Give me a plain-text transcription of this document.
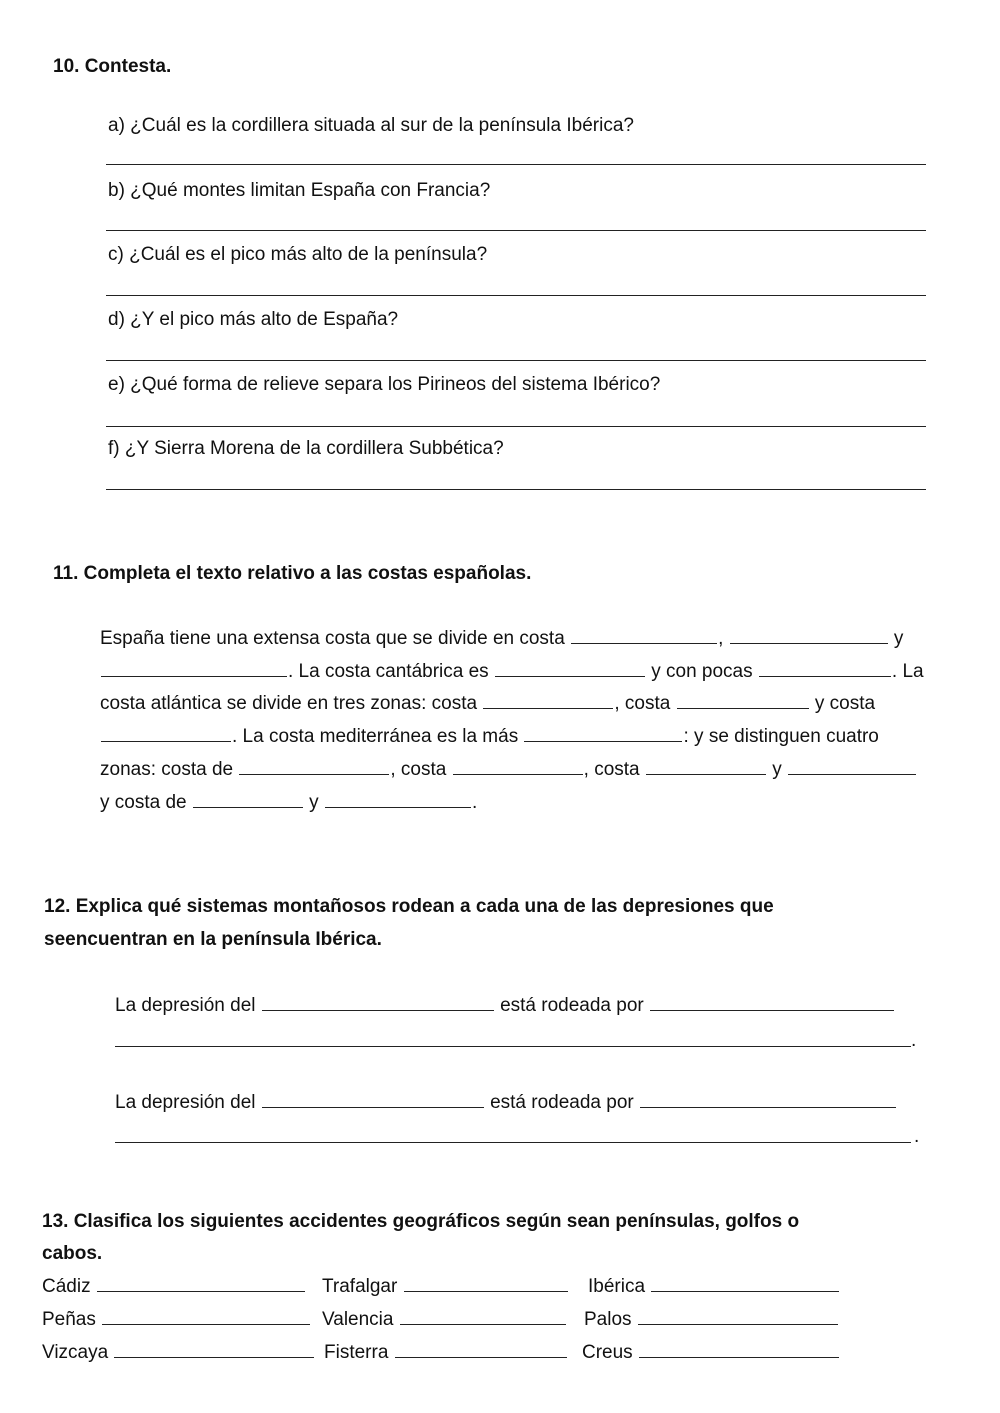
10. Contesta.
a) ¿Cuál es la cordillera situada al sur de la península Ibérica?
b) ¿Qué montes limitan España con Francia?
c) ¿Cuál es el pico más alto de la península?
d) ¿Y el pico más alto de España?
e) ¿Qué forma de relieve separa los Pirineos del sistema Ibérico?
f) ¿Y Sierra Morena de la cordillera Subbética?
11. Completa el texto relativo a las costas españolas.
España tiene una extensa costa que se divide en costa	,	y
. La costa cantábrica es	y con pocas	. La
costa atlántica se divide en tres zonas: costa	, costa	y costa
. La costa mediterránea es la más	: y se distinguen cuatro
zonas: costa de	, costa	, costa	y
y costa de	y	.
12. Explica qué sistemas montañosos rodean a cada una de las depresiones que
seencuentran en la península Ibérica.
La depresión del	está rodeada por
.
La depresión del	está rodeada por
.
13. Clasifica los siguientes accidentes geográficos según sean penínsulas, golfos o
cabos.
Cádiz	Trafalgar	Ibérica
Peñas	Valencia	Palos
Vizcaya	Fisterra	Creus
